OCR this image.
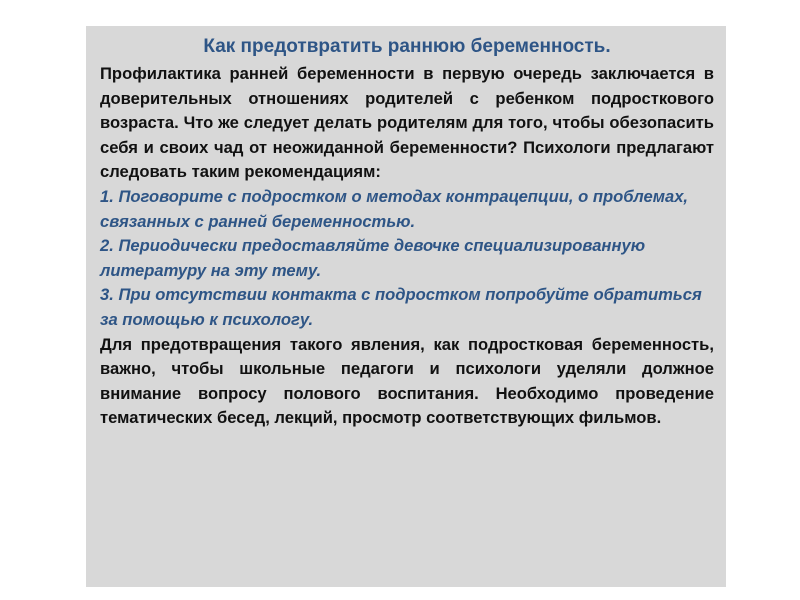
Как предотвратить раннюю беременность.

Профилактика ранней беременности в первую очередь заключается в доверительных отношениях родителей с ребенком подросткового возраста. Что же следует делать родителям для того, чтобы обезопасить себя и своих чад от неожиданной беременности? Психологи предлагают следовать таким рекомендациям:

1. Поговорите с подростком о методах контрацепции, о проблемах, связанных с ранней беременностью.

2. Периодически предоставляйте девочке специализированную литературу на эту тему.

3. При отсутствии контакта с подростком попробуйте обратиться за помощью к психологу.

Для предотвращения такого явления, как подростковая беременность, важно, чтобы школьные педагоги и психологи уделяли должное внимание вопросу полового воспитания. Необходимо проведение тематических бесед, лекций, просмотр соответствующих фильмов.
